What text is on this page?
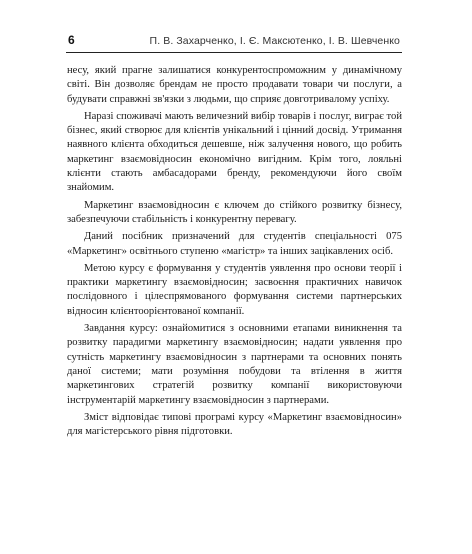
6	П. В. Захарченко, І. Є. Максютенко, І. В. Шевченко

несу, який прагне залишатися конкурентоспроможним у динамічному світі. Він дозволяє брендам не просто продавати товари чи послуги, а будувати справжні зв'язки з людьми, що сприяє довготривалому успіху.

Наразі споживачі мають величезний вибір товарів і послуг, виграє той бізнес, який створює для клієнтів унікальний і цінний досвід. Утримання наявного клієнта обходиться дешевше, ніж залучення нового, що робить маркетинг взаємовідносин економічно вигідним. Крім того, лояльні клієнти стають амбасадорами бренду, рекомендуючи його своїм знайомим.

Маркетинг взаємовідносин є ключем до стійкого розвитку бізнесу, забезпечуючи стабільність і конкурентну перевагу.

Даний посібник призначений для студентів спеціальності 075 «Маркетинг» освітнього ступеню «магістр» та інших зацікавлених осіб.

Метою курсу є формування у студентів уявлення про основи теорії і практики маркетингу взаємовідносин; засвоєння практичних навичок послідовного і цілеспрямованого формування системи партнерських відносин клієнтоорієнтованої компанії.

Завдання курсу: ознайомитися з основними етапами виникнення та розвитку парадигми маркетингу взаємовідносин; надати уявлення про сутність маркетингу взаємовідносин з партнерами та основних понять даної системи; мати розуміння побудови та втілення в життя маркетингових стратегій розвитку компанії використовуючи інструментарій маркетингу взаємовідносин з партнерами.

Зміст відповідає типові програмі курсу «Маркетинг взаємовідносин» для магістерського рівня підготовки.
